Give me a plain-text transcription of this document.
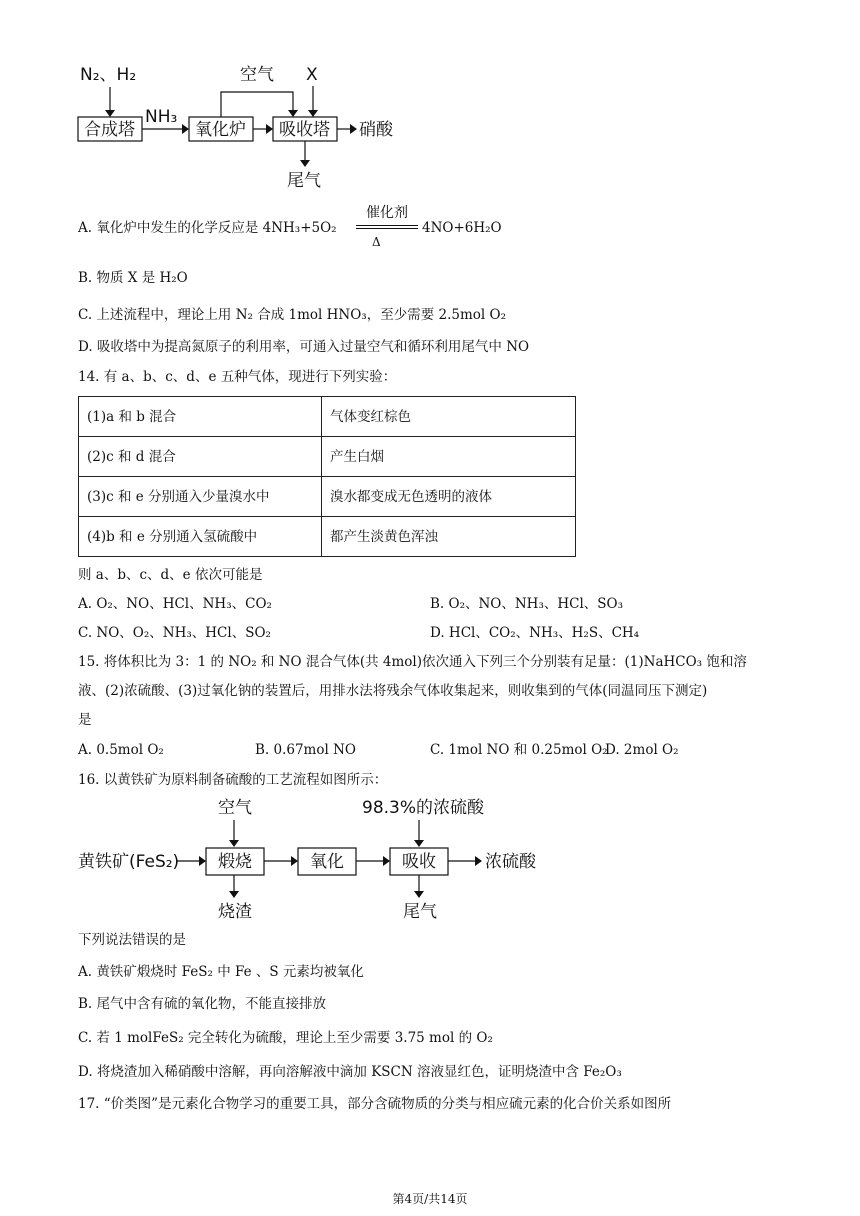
N₂、H₂
合成塔
NH₃
氧化炉
空气 X
吸收塔 硝酸
尾气
A. 氧化炉中发生的化学反应是 4NH₃+5O₂
催化剂
Δ
4NO+6H₂O
B. 物质 X 是 H₂O
C. 上述流程中，理论上用 N₂ 合成 1mol HNO₃，至少需要 2.5mol O₂
D. 吸收塔中为提高氮原子的利用率，可通入过量空气和循环利用尾气中 NO
14. 有 a、b、c、d、e 五种气体，现进行下列实验：
(1)a 和 b 混合	气体变红棕色
(2)c 和 d 混合	产生白烟
(3)c 和 e 分别通入少量溴水中	溴水都变成无色透明的液体
(4)b 和 e 分别通入氢硫酸中	都产生淡黄色浑浊
则 a、b、c、d、e 依次可能是
A. O₂、NO、HCl、NH₃、CO₂	B. O₂、NO、NH₃、HCl、SO₃
C. NO、O₂、NH₃、HCl、SO₂	D. HCl、CO₂、NH₃、H₂S、CH₄
15. 将体积比为 3：1 的 NO₂ 和 NO 混合气体(共 4mol)依次通入下列三个分别装有足量：(1)NaHCO₃ 饱和溶
液、(2)浓硫酸、(3)过氧化钠的装置后，用排水法将残余气体收集起来，则收集到的气体(同温同压下测定)
是
A. 0.5mol O₂	B. 0.67mol NO	C. 1mol NO 和 0.25mol O₂
D. 2mol O₂
16. 以黄铁矿为原料制备硫酸的工艺流程如图所示：
空气	98.3%的浓硫酸
黄铁矿(FeS₂) 煅烧	氧化	吸收	浓硫酸
烧渣	尾气
下列说法错误的是
A. 黄铁矿煅烧时 FeS₂ 中 Fe 、S 元素均被氧化
B. 尾气中含有硫的氧化物，不能直接排放
C. 若 1 molFeS₂ 完全转化为硫酸，理论上至少需要 3.75 mol 的 O₂
D. 将烧渣加入稀硝酸中溶解，再向溶解液中滴加 KSCN 溶液显红色，证明烧渣中含 Fe₂O₃
17. “价类图”是元素化合物学习的重要工具，部分含硫物质的分类与相应硫元素的化合价关系如图所
第4页/共14页
